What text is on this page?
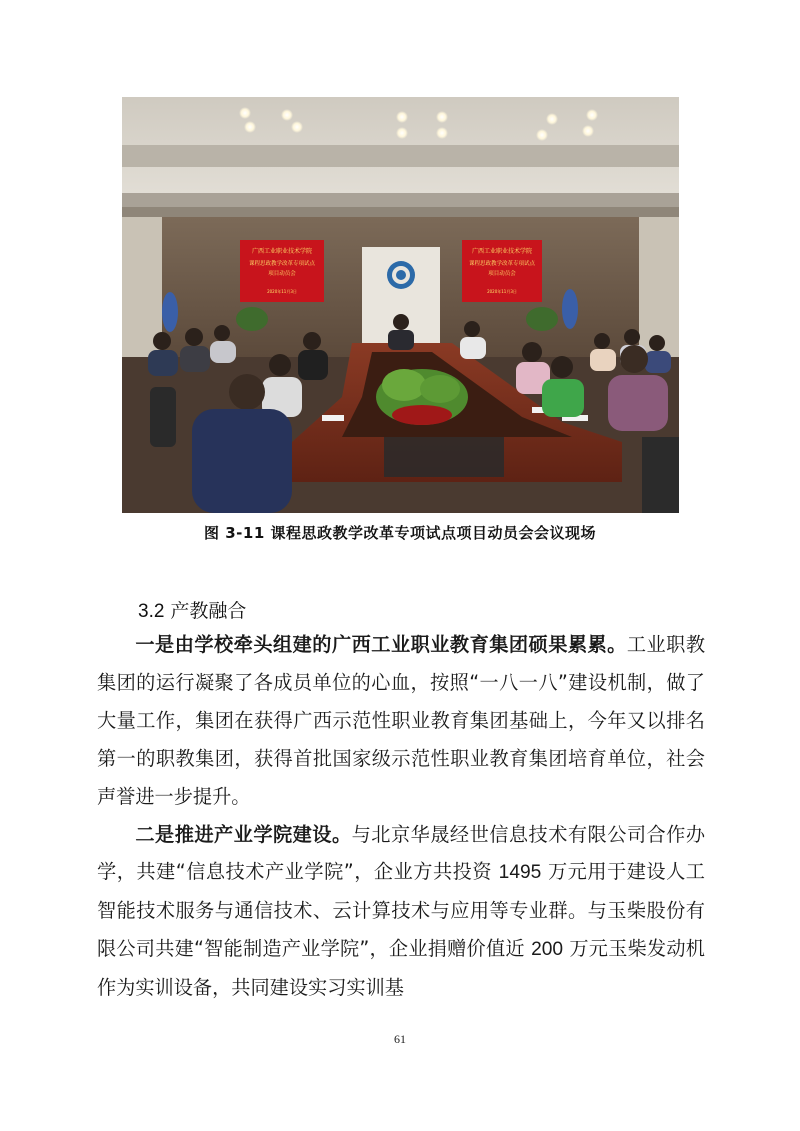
广西工业职业技术学院
课程思政教学改革专项试点
项目动员会
2020年11月3日
广西工业职业技术学院
课程思政教学改革专项试点
项目动员会
2020年11月3日
图 3-11 课程思政教学改革专项试点项目动员会会议现场
3.2 产教融合

一是由学校牵头组建的广西工业职业教育集团硕果累累。工业职教集团的运行凝聚了各成员单位的心血，按照“一八一八”建设机制，做了大量工作，集团在获得广西示范性职业教育集团基础上，今年又以排名第一的职教集团，获得首批国家级示范性职业教育集团培育单位，社会声誉进一步提升。

二是推进产业学院建设。与北京华晟经世信息技术有限公司合作办学，共建“信息技术产业学院”，企业方共投资 1495 万元用于建设人工智能技术服务与通信技术、云计算技术与应用等专业群。与玉柴股份有限公司共建“智能制造产业学院”，企业捐赠价值近 200 万元玉柴发动机作为实训设备，共同建设实习实训基

61
